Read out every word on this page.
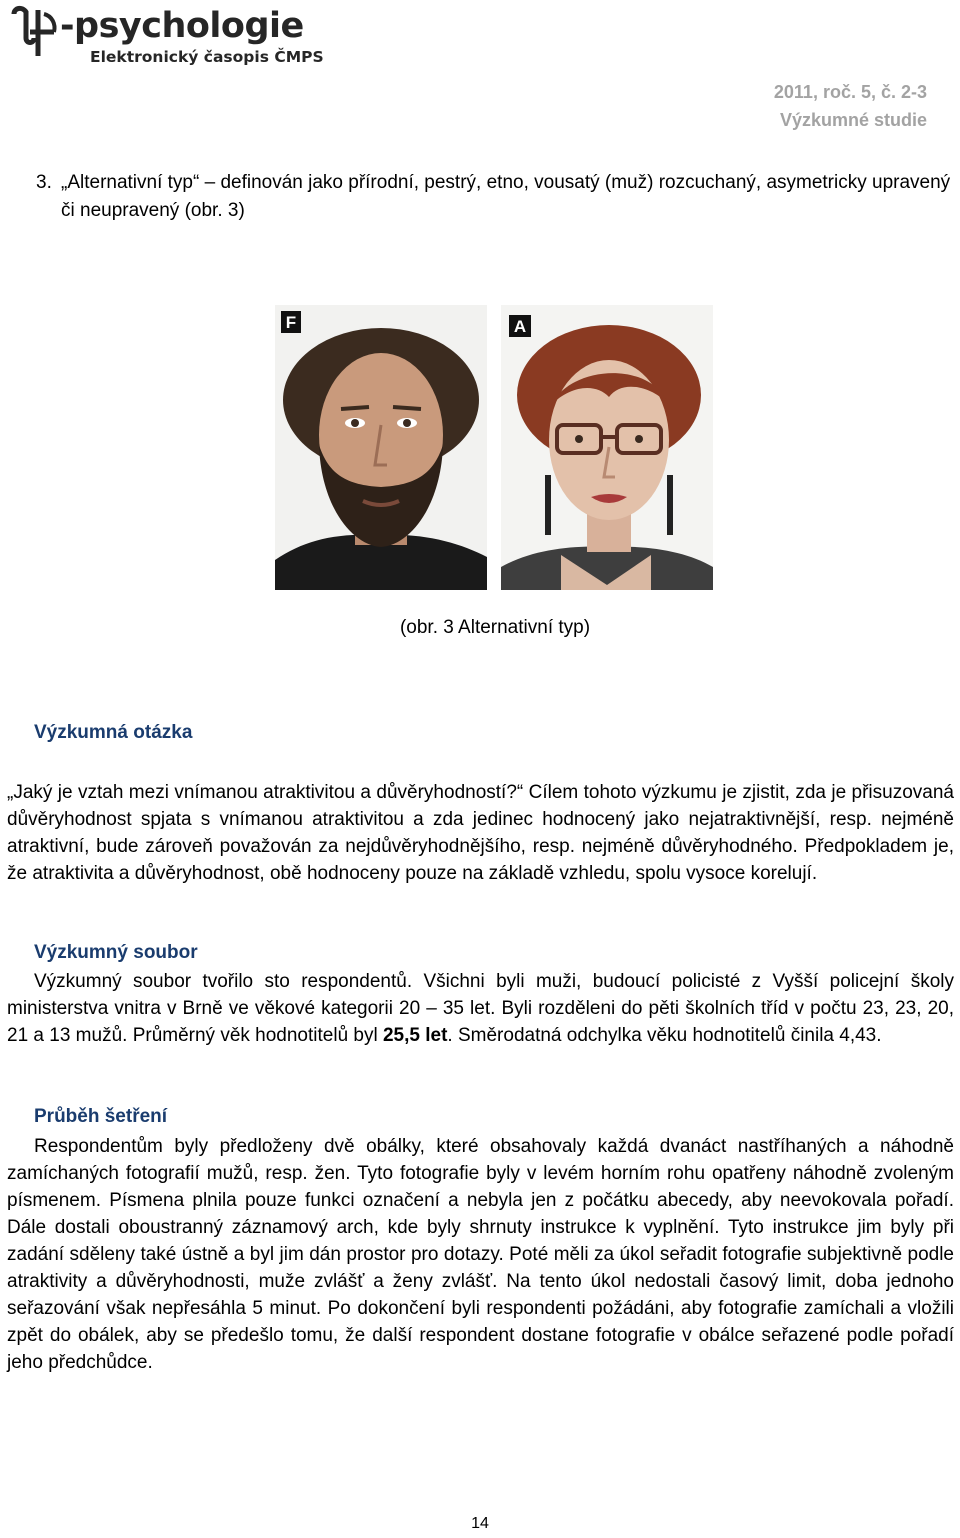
-psychologie
Elektronický časopis ČMPS
2011, roč. 5, č. 2-3
Výzkumné studie
3. „Alternativní typ“ – definován jako přírodní, pestrý, etno, vousatý (muž) rozcuchaný, asymetricky upravený či neupravený (obr. 3)
F	A
(obr. 3 Alternativní typ)
Výzkumná otázka
„Jaký je vztah mezi vnímanou atraktivitou a důvěryhodností?“ Cílem tohoto výzkumu je zjistit, zda je přisuzovaná důvěryhodnost spjata s vnímanou atraktivitou a zda jedinec hodnocený jako nejatraktivnější, resp. nejméně atraktivní, bude zároveň považován za nejdůvěryhodnějšího, resp. nejméně důvěryhodného. Předpokladem je, že atraktivita a důvěryhodnost, obě hodnoceny pouze na základě vzhledu, spolu vysoce korelují.
Výzkumný soubor
Výzkumný soubor tvořilo sto respondentů. Všichni byli muži, budoucí policisté z Vyšší policejní školy ministerstva vnitra v Brně ve věkové kategorii 20 – 35 let. Byli rozděleni do pěti školních tříd v počtu 23, 23, 20, 21 a 13 mužů. Průměrný věk hodnotitelů byl 25,5 let. Směrodatná odchylka věku hodnotitelů činila 4,43.
Průběh šetření
Respondentům byly předloženy dvě obálky, které obsahovaly každá dvanáct nastříhaných a náhodně zamíchaných fotografií mužů, resp. žen. Tyto fotografie byly v levém horním rohu opatřeny náhodně zvoleným písmenem. Písmena plnila pouze funkci označení a nebyla jen z počátku abecedy, aby neevokovala pořadí. Dále dostali oboustranný záznamový arch, kde byly shrnuty instrukce k vyplnění. Tyto instrukce jim byly při zadání sděleny také ústně a byl jim dán prostor pro dotazy. Poté měli za úkol seřadit fotografie subjektivně podle atraktivity a důvěryhodnosti, muže zvlášť a ženy zvlášť. Na tento úkol nedostali časový limit, doba jednoho seřazování však nepřesáhla 5 minut. Po dokončení byli respondenti požádáni, aby fotografie zamíchali a vložili zpět do obálek, aby se předešlo tomu, že další respondent dostane fotografie v obálce seřazené podle pořadí jeho předchůdce.
14
